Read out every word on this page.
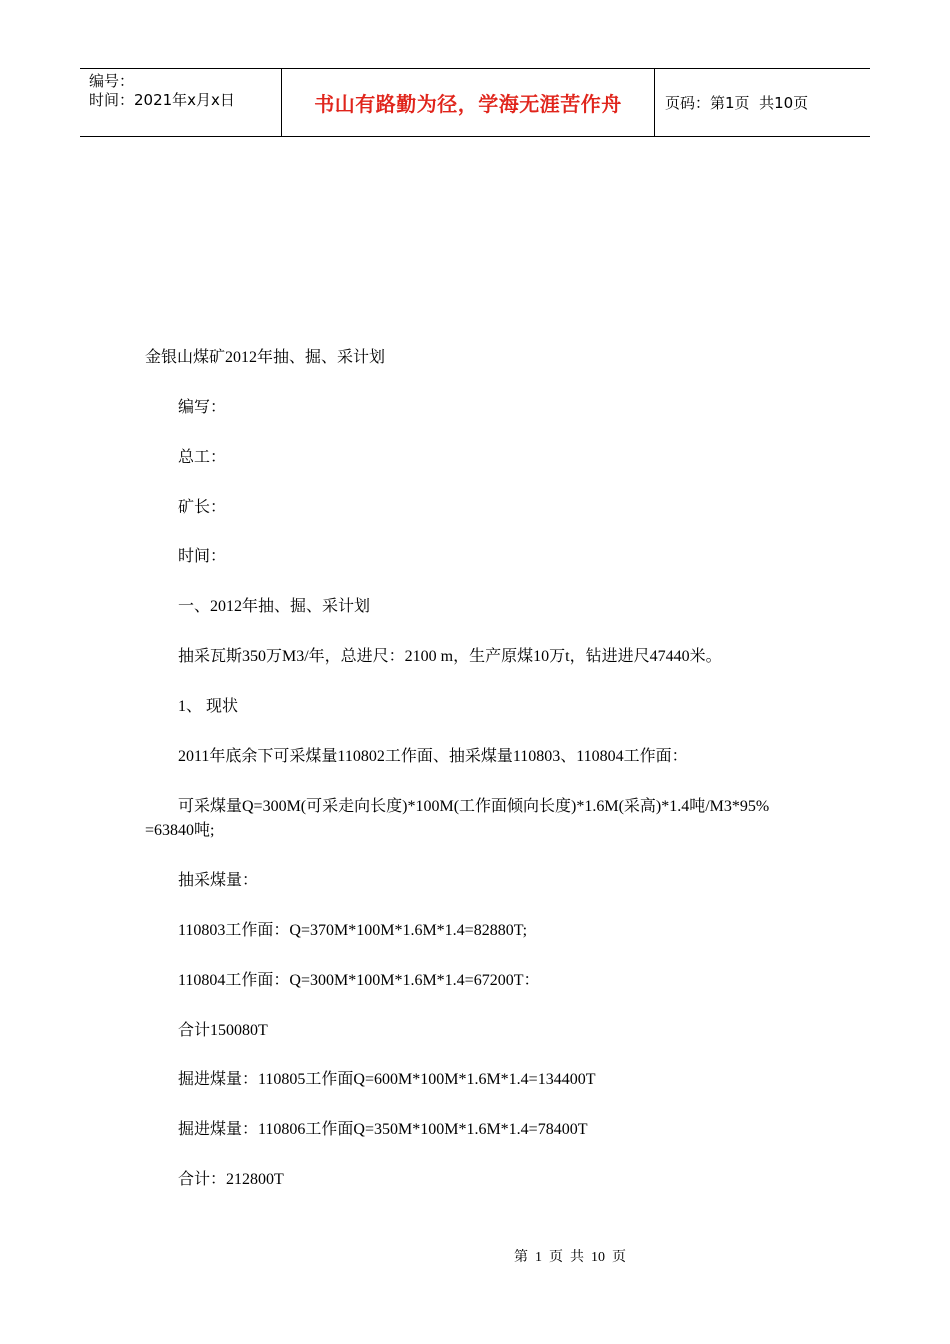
编号：
时间：2021年x月x日	书山有路勤为径，学海无涯苦作舟	页码：第1页  共10页
金银山煤矿2012年抽、掘、采计划
编写：
总工：
矿长：
时间：
一、2012年抽、掘、采计划
抽采瓦斯350万M3/年，总进尺：2100 m，生产原煤10万t，钻进进尺47440米。
1、 现状
2011年底余下可采煤量110802工作面、抽采煤量110803、110804工作面：
可采煤量Q=300M(可采走向长度)*100M(工作面倾向长度)*1.6M(采高)*1.4吨/M3*95%
=63840吨;
抽采煤量：
110803工作面：Q=370M*100M*1.6M*1.4=82880T;
110804工作面：Q=300M*100M*1.6M*1.4=67200T：
合计150080T
掘进煤量：110805工作面Q=600M*100M*1.6M*1.4=134400T
掘进煤量：110806工作面Q=350M*100M*1.6M*1.4=78400T
合计：212800T
第  1  页  共  10  页
